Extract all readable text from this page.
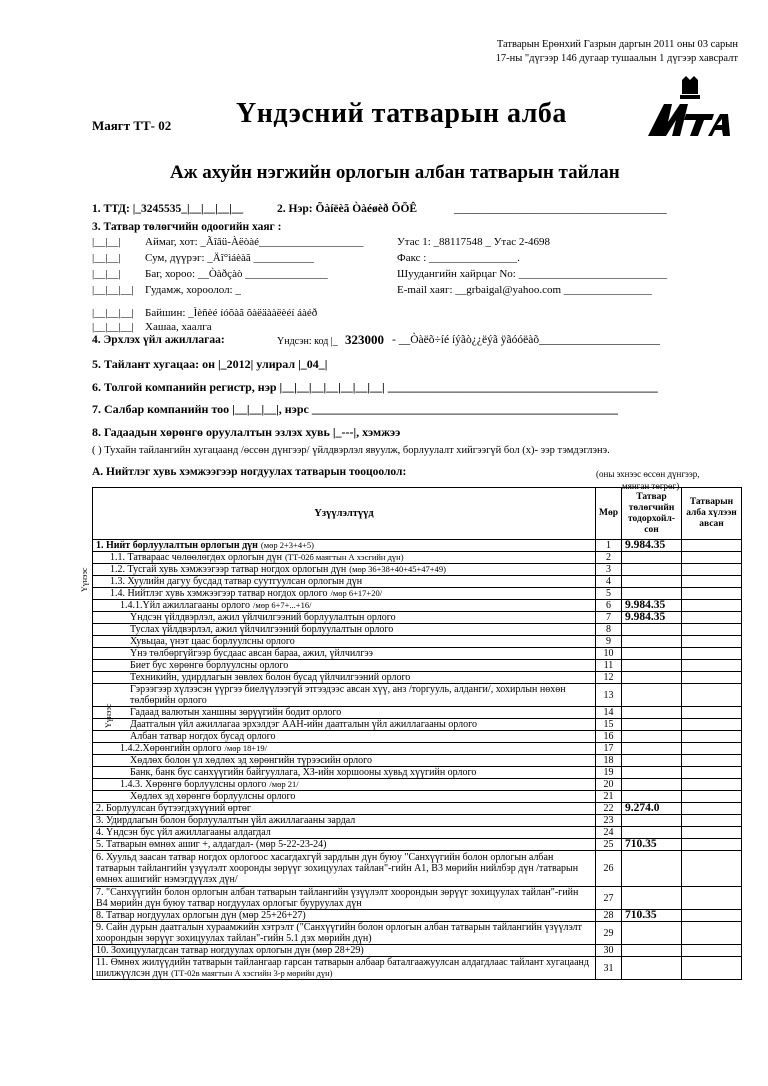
Татварын Ерөнхий Газрын даргын 2011 оны 03 сарын
17-ны "дүгээр 146 дугаар тушаалын 1 дүгээр хавсралт
Маягт ТТ- 02 Үндэсний татварын алба
Аж ахуйн нэгжийн орлогын албан татварын тайлан
1. ТТД: |_3245535_|__|__|__|__	2. Нэр: Õàíëèã Òàéøèð ÕÕÊ	_____________________________________
3. Татвар төлөгчийн одоогийн хаяг :
|__|__| Аймаг, хот: _Ãîâü-Àëòàé___________________	Утас 1: _88117548 _ Утас 2-4698
|__|__| Сум, дүүрэг: _Äî°ìáèàã ___________	Факс : ________________.
|__|__| Баг, хороо: __Òàðçàò _______________	Шуудангийн хайрцаг No: ___________________________
|__|__|__| Гудамж, хороолол: _	E-mail хаяг: __grbaigal@yahoo.com ________________
|__|__|__| Байшин: _Ìèñèé íóõàã õàëäààëèéí áàéð
|__|__|__| Хашаа, хаалга
4. Эрхлэх үйл ажиллагаа:	Үндсэн: код |_ 323000 - __Òàëõ÷íé íýãò¿¿ëýã ÿãóóëàõ_____________________
5. Тайлант хугацаа: он |_2012| улирал |_04_|
6. Толгой компанийн регистр, нэр |__|__|__|__|__|__|__| _____________________________________________
7. Салбар компанийн тоо |__|__|__|, нэрс ___________________________________________________
8. Гадаадын хөрөнгө оруулалтын эзлэх хувь |_---|, хэмжээ
( ) Тухайн тайлангийн хугацаанд /өссөн дүнгээр/ үйлдвэрлэл явуулж, борлуулалт хийгээгүй бол (х)- ээр тэмдэглэнэ.
А. Нийтлэг хувь хэмжээгээр ногдуулах татварын тооцоолол:	(оны эхнээс өссөн дүнгээр,
мянган төгрөг)
Үзүүлэлтүүд	Мөр	Татвар төлөгчийн тодорхойл-сон	Татварын алба хүлээн авсан
1. Нийт борлуулалтын орлогын дүн (мөр 2+3+4+5)	1	9.984.35	
1.1. Татвараас чөлөөлөгдөх орлогын дүн (ТТ-02б маягтын А хэсгийн дүн)	2		
1.2. Тусгай хувь хэмжээгээр татвар ногдох орлогын дүн (мөр 36+38+40+45+47+49)	3		
1.3. Хуулийн дагуу бусдад татвар суутгуулсан орлогын дүн	4		
1.4. Нийтлэг хувь хэмжээгээр татвар ногдох орлого /мөр 6+17+20/	5		
1.4.1.Үйл ажиллагааны орлого /мөр 6+7+...+16/	6	9.984.35	
Үндсэн үйлдвэрлэл, ажил үйлчилгээний борлуулалтын орлого	7	9.984.35	
Туслах үйлдвэрлэл, ажил үйлчилгээний борлуулалтын орлого	8		
Хувьцаа, үнэт цаас борлуулсны орлого	9		
Үнэ төлбөргүйгээр бусдаас авсан бараа, ажил, үйлчилгээ	10		
Биет бус хөрөнгө борлуулсны орлого	11		
Техникийн, удирдлагын зөвлөх болон бусад үйлчилгээний орлого	12		
Гэрээгээр хүлээсэн үүргээ биелүүлээгүй этгээдээс авсан хүү, анз /торгууль, алданги/, хохирлын нөхөн төлбөрийн орлого	13		
Гадаад валютын ханшны зөрүүгийн бодит орлого	14		
Даатгалын үйл ажиллагаа эрхэлдэг ААН-ийн даатгалын үйл ажиллагааны орлого	15		
Албан татвар ногдох бусад орлого	16		
1.4.2.Хөрөнгийн орлого /мөр 18+19/	17		
Хөдлөх болон үл хөдлөх эд хөрөнгийн түрээсийн орлого	18		
Банк, банк бус санхүүгийн байгууллага, ХЗ-ийн хоршооны хувьд хүүгийн орлого	19		
1.4.3. Хөрөнгө борлуулсны орлого /мөр 21/	20		
Хөдлөх эд хөрөнгө борлуулсны орлого	21		
2. Борлуулсан бүтээгдэхүүний өртөг	22	9.274.0	
3. Удирдлагын болон борлуулалтын үйл ажиллагааны зардал	23		
4. Үндсэн бус үйл ажиллагааны алдагдал	24		
5. Татварын өмнөх ашиг +, алдагдал- (мөр 5-22-23-24)	25	710.35	
6. Хуульд заасан татвар ногдох орлогоос хасагдахгүй зардлын дүн буюу "Санхүүгийн болон орлогын албан татварын тайлангийн үзүүлэлт хооронды зөрүүг зохицуулах тайлан"-гийн А1, В3 мөрийн нийлбэр дүн /татварын өмнөх ашигийг нэмэгдүүлэх дүн/	26		
7. "Санхүүгийн болон орлогын албан татварын тайлангийн үзүүлэлт хоорондын зөрүүг зохицуулах тайлан"-гийн В4 мөрийн дүн буюу татвар ногдуулах орлогыг бууруулах дүн	27		
8. Татвар ногдуулах орлогын дүн (мөр 25+26+27)	28	710.35	
9. Сайн дурын даатгалын хураамжийн хэтрэлт ("Санхүүгийн болон орлогын албан татварын тайлангийн үзүүлэлт хоорондын зөрүүг зохицуулах тайлан"-гийн 5.1 дэх мөрийн дүн)	29		
10. Зохицуулагдсан татвар ногдуулах орлогын дүн (мөр 28+29)	30		
11. Өмнөх жилүүдийн татварын тайлангаар гарсан татварын албаар баталгаажуулсан алдагдлаас тайлант хугацаанд шилжүүлсэн дүн (ТТ-02в маягтын А хэсгийн 3-р мөрийн дүн)	31		
Үүнээс
Үүнээс
